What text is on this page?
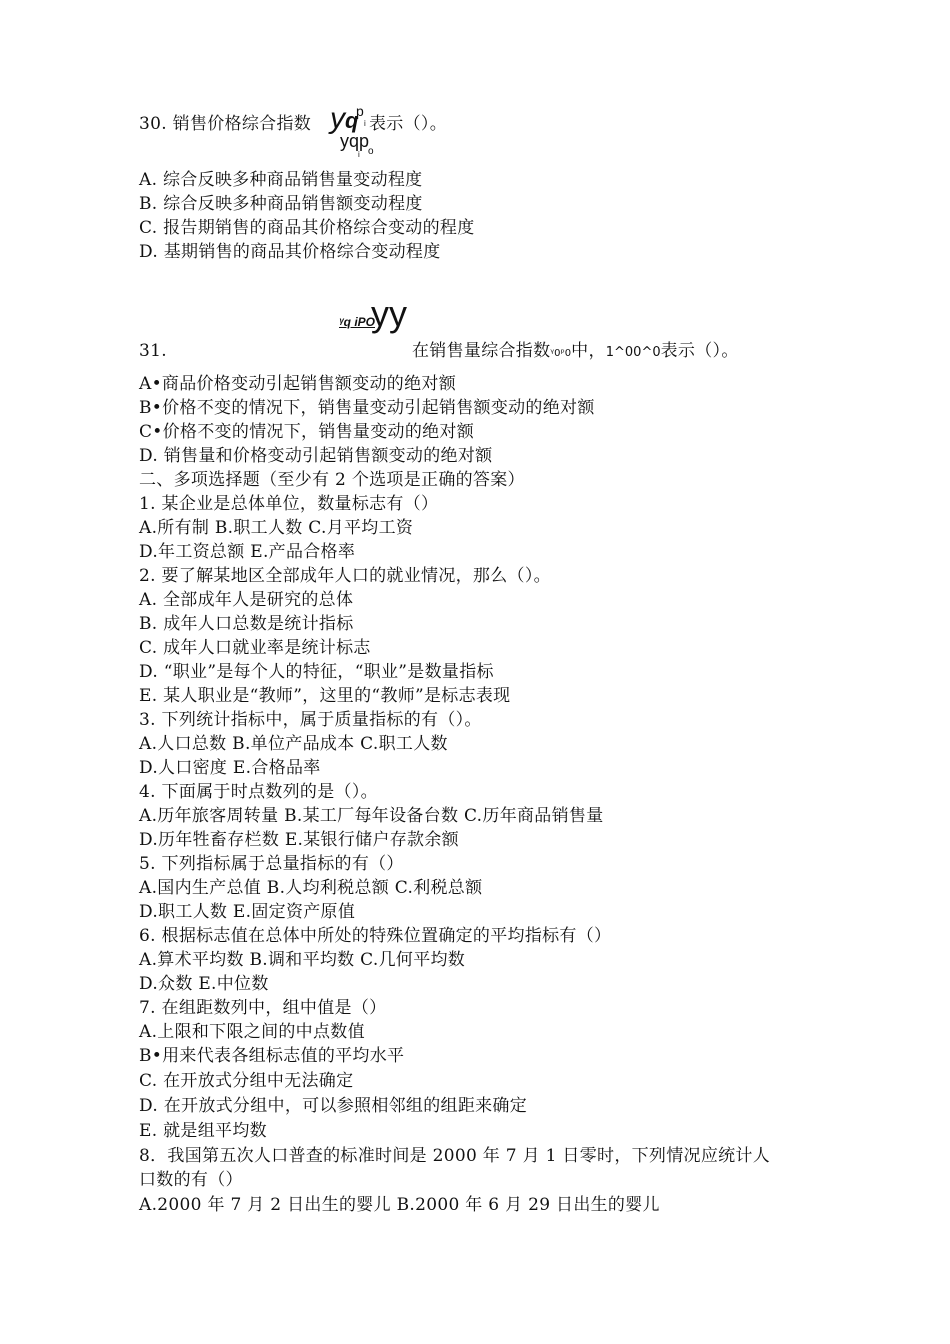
30. 销售价格综合指数 y q
p
i 表示（）。
yqp
i o
A. 综合反映多种商品销售量变动程度
B. 综合反映多种商品销售额变动程度
C. 报告期销售的商品其价格综合变动的程度
D. 基期销售的商品其价格综合变动程度
ᵞq iPO
yy
31.	在销售量综合指数ᵞ0ᵖ0中，1^00^0表示（）。
A•商品价格变动引起销售额变动的绝对额
B•价格不变的情况下，销售量变动引起销售额变动的绝对额
C•价格不变的情况下，销售量变动的绝对额
D. 销售量和价格变动引起销售额变动的绝对额
二、多项选择题（至少有 2 个选项是正确的答案）
1. 某企业是总体单位，数量标志有（）
A.所有制 B.职工人数 C.月平均工资
D.年工资总额 E.产品合格率
2. 要了解某地区全部成年人口的就业情况，那么（）。
A. 全部成年人是研究的总体
B. 成年人口总数是统计指标
C. 成年人口就业率是统计标志
D. “职业”是每个人的特征，“职业”是数量指标
E. 某人职业是“教师”，这里的“教师”是标志表现
3. 下列统计指标中，属于质量指标的有（）。
A.人口总数 B.单位产品成本 C.职工人数
D.人口密度 E.合格品率
4. 下面属于时点数列的是（）。
A.历年旅客周转量 B.某工厂每年设备台数 C.历年商品销售量
D.历年牲畜存栏数 E.某银行储户存款余额
5. 下列指标属于总量指标的有（）
A.国内生产总值 B.人均利税总额 C.利税总额
D.职工人数 E.固定资产原值
6. 根据标志值在总体中所处的特殊位置确定的平均指标有（）
A.算术平均数 B.调和平均数 C.几何平均数
D.众数 E.中位数
7. 在组距数列中，组中值是（）
A.上限和下限之间的中点数值
B•用来代表各组标志值的平均水平
C. 在开放式分组中无法确定
D. 在开放式分组中，可以参照相邻组的组距来确定
E. 就是组平均数
8．我国第五次人口普查的标准时间是 2000 年 7 月 1 日零时，下列情况应统计人
口数的有（）
A.2000 年 7 月 2 日出生的婴儿 B.2000 年 6 月 29 日出生的婴儿
